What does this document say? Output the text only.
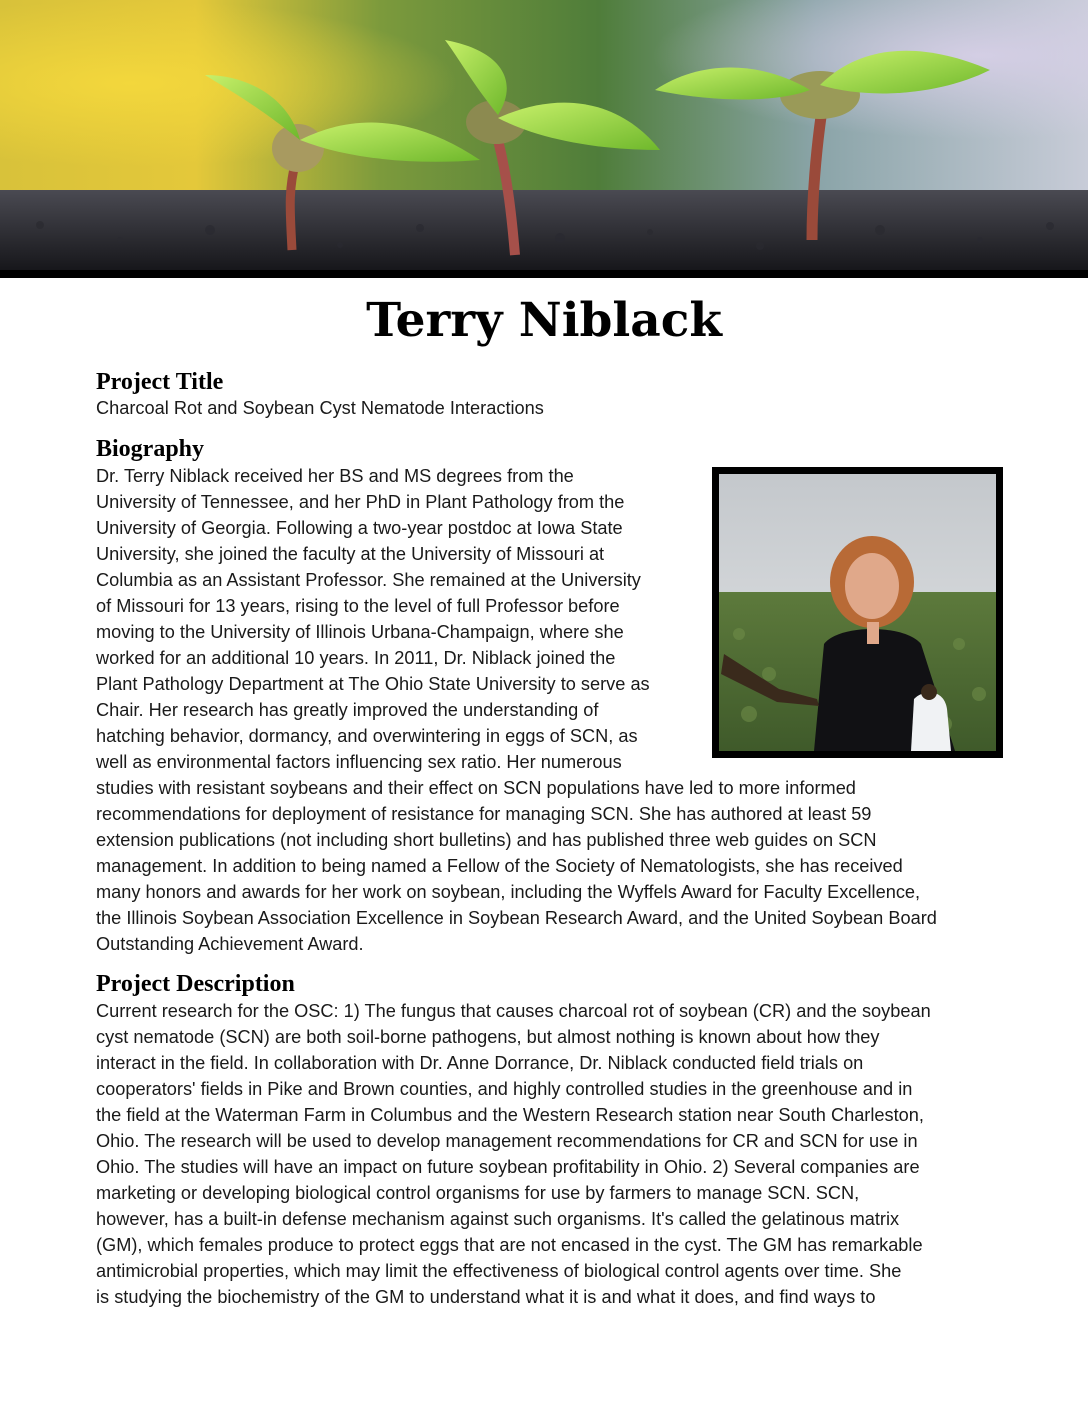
Terry Niblack
Project Title
Charcoal Rot and Soybean Cyst Nematode Interactions
Biography
Dr. Terry Niblack received her BS and MS degrees from the
University of Tennessee, and her PhD in Plant Pathology from the
University of Georgia. Following a two-year postdoc at Iowa State
University, she joined the faculty at the University of Missouri at
Columbia as an Assistant Professor. She remained at the University
of Missouri for 13 years, rising to the level of full Professor before
moving to the University of Illinois Urbana-Champaign, where she
worked for an additional 10 years. In 2011, Dr. Niblack joined the
Plant Pathology Department at The Ohio State University to serve as
Chair. Her research has greatly improved the understanding of
hatching behavior, dormancy, and overwintering in eggs of SCN, as
well as environmental factors influencing sex ratio. Her numerous
studies with resistant soybeans and their effect on SCN populations have led to more informed
recommendations for deployment of resistance for managing SCN. She has authored at least 59
extension publications (not including short bulletins) and has published three web guides on SCN
management. In addition to being named a Fellow of the Society of Nematologists, she has received
many honors and awards for her work on soybean, including the Wyffels Award for Faculty Excellence,
the Illinois Soybean Association Excellence in Soybean Research Award, and the United Soybean Board
Outstanding Achievement Award.
Project Description
Current research for the OSC: 1) The fungus that causes charcoal rot of soybean (CR) and the soybean
cyst nematode (SCN) are both soil-borne pathogens, but almost nothing is known about how they
interact in the field. In collaboration with Dr. Anne Dorrance, Dr. Niblack conducted field trials on
cooperators' fields in Pike and Brown counties, and highly controlled studies in the greenhouse and in
the field at the Waterman Farm in Columbus and the Western Research station near South Charleston,
Ohio. The research will be used to develop management recommendations for CR and SCN for use in
Ohio. The studies will have an impact on future soybean profitability in Ohio. 2) Several companies are
marketing or developing biological control organisms for use by farmers to manage SCN. SCN,
however, has a built-in defense mechanism against such organisms. It's called the gelatinous matrix
(GM), which females produce to protect eggs that are not encased in the cyst. The GM has remarkable
antimicrobial properties, which may limit the effectiveness of biological control agents over time. She
is studying the biochemistry of the GM to understand what it is and what it does, and find ways to
